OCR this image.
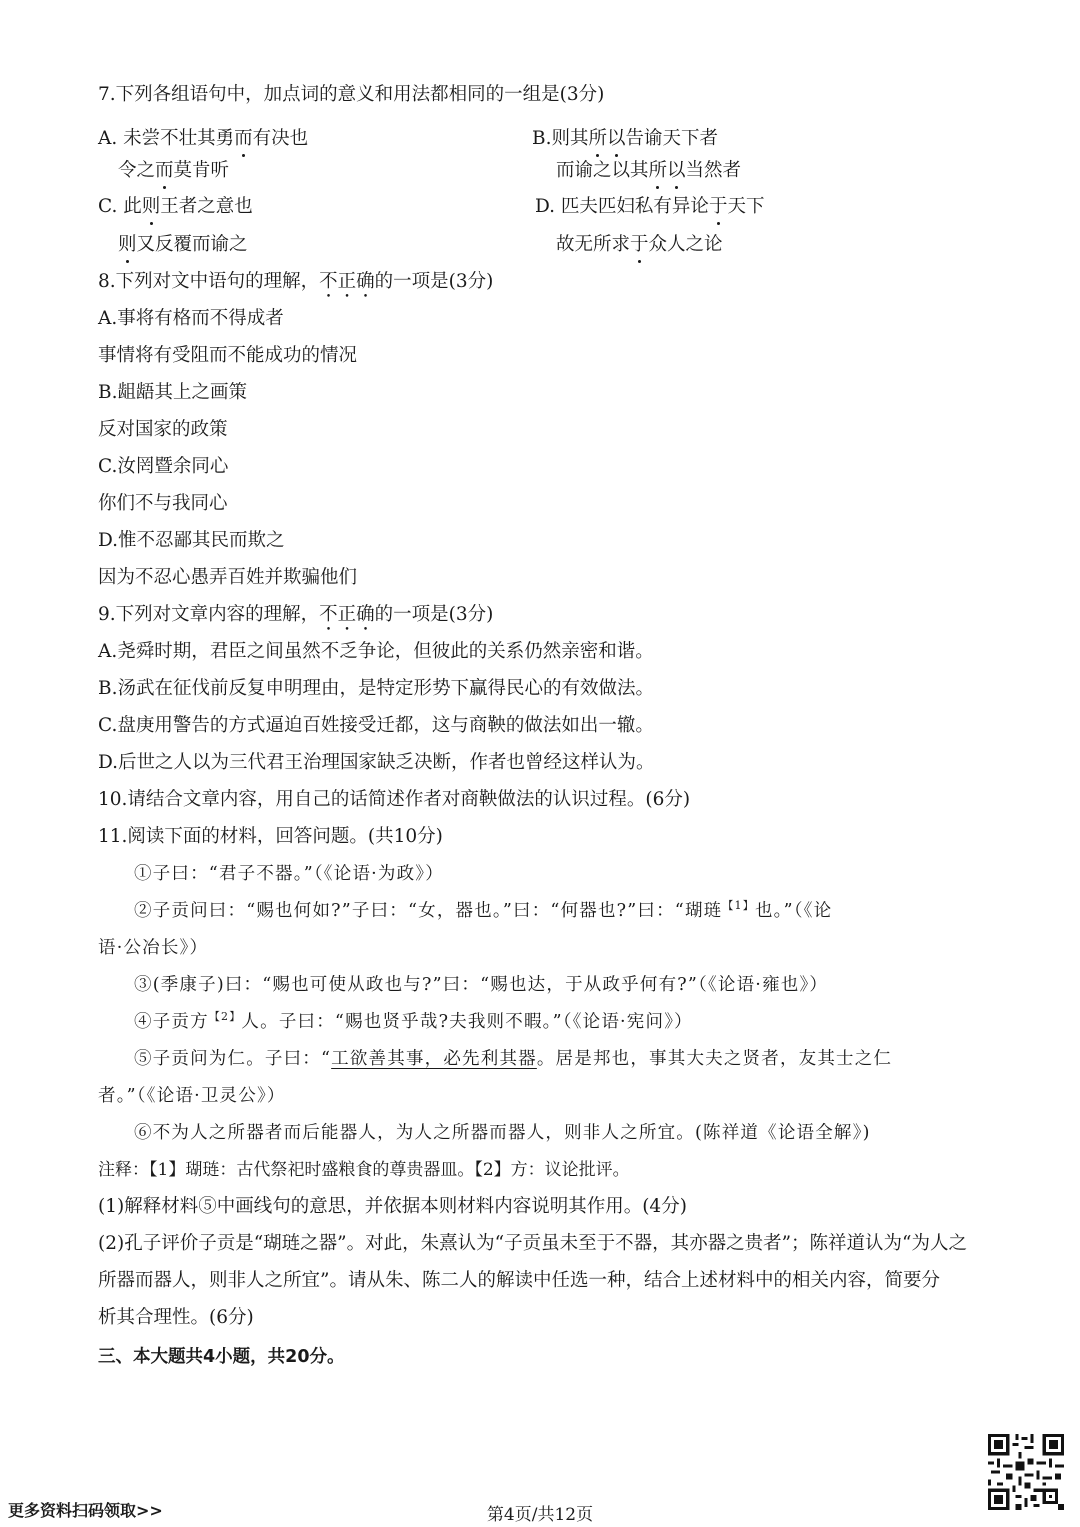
7.下列各组语句中，加点词的意义和用法都相同的一组是(3分)
A. 未尝不壮其勇而有决也	B.则其所以告谕天下者
令之而莫肯听	而谕之以其所以当然者
C. 此则王者之意也	D. 匹夫匹妇私有异论于天下
则又反覆而谕之	故无所求于众人之论
8.下列对文中语句的理解，不正确的一项是(3分)
A.事将有格而不得成者
事情将有受阻而不能成功的情况
B.龃龉其上之画策
反对国家的政策
C.汝罔暨余同心
你们不与我同心
D.惟不忍鄙其民而欺之
因为不忍心愚弄百姓并欺骗他们
9.下列对文章内容的理解，不正确的一项是(3分)
A.尧舜时期，君臣之间虽然不乏争论，但彼此的关系仍然亲密和谐。
B.汤武在征伐前反复申明理由，是特定形势下赢得民心的有效做法。
C.盘庚用警告的方式逼迫百姓接受迁都，这与商鞅的做法如出一辙。
D.后世之人以为三代君王治理国家缺乏决断，作者也曾经这样认为。
10.请结合文章内容，用自己的话简述作者对商鞅做法的认识过程。(6分)
11.阅读下面的材料，回答问题。(共10分)
①子曰：“君子不器。”（《论语·为政》）
②子贡问曰：“赐也何如?”子曰：“女，器也。”曰：“何器也?”曰：“瑚琏$^{【1】}$也。”（《论
语·公冶长》）
③(季康子)曰：“赐也可使从政也与?”曰：“赐也达，于从政乎何有?”（《论语·雍也》）
④子贡方$^{【2】}$人。子曰：“赐也贤乎哉?夫我则不暇。”（《论语·宪问》）
⑤子贡问为仁。子曰：“工欲善其事，必先利其器。居是邦也，事其大夫之贤者，友其士之仁
者。”（《论语·卫灵公》）
⑥不为人之所器者而后能器人，为人之所器而器人，则非人之所宜。(陈祥道《论语全解》)
注释：【1】瑚琏：古代祭祀时盛粮食的尊贵器皿。【2】方：议论批评。
(1)解释材料⑤中画线句的意思，并依据本则材料内容说明其作用。(4分)
(2)孔子评价子贡是“瑚琏之器”。对此，朱熹认为“子贡虽未至于不器，其亦器之贵者”；陈祥道认为“为人之
所器而器人，则非人之所宜”。请从朱、陈二人的解读中任选一种，结合上述材料中的相关内容，简要分
析其合理性。(6分)
三、本大题共4小题，共20分。
更多资料扫码领取>>	第4页/共12页
